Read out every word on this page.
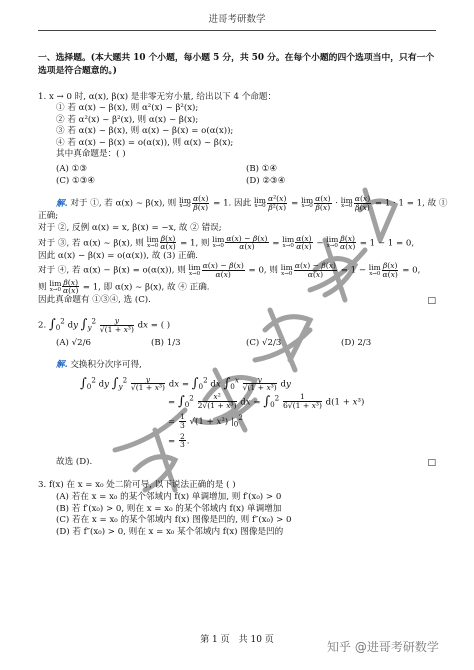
进哥考研数学
一、选择题。(本大题共 10 个小题，每小题 5 分，共 50 分。在每个小题的四个选项当中，只有一个选项是符合题意的。)
1. x → 0 时, α(x), β(x) 是非零无穷小量, 给出以下 4 个命题：
① 若 α(x) ~ β(x), 则 α²(x) ~ β²(x);
② 若 α²(x) ~ β²(x), 则 α(x) ~ β(x);
③ 若 α(x) ~ β(x), 则 α(x) − β(x) = o(α(x));
④ 若 α(x) − β(x) = o(α(x)), 则 α(x) ~ β(x);
其中真命题是：( )
(A) ①③	(B) ①④
(C) ①③④	(D) ②③④
解. 对于 ①, 若 α(x) ~ β(x), 则 lim
$x\to 0 \frac{\alpha(x)}{\beta(x)} = 1$. 因此 lim
$x\to 0 \frac{\text{α²(x)}}{\text{β²(x)}} = \lim$
$x\to 0 \frac{\alpha(x)}{\beta(x)} \cdot \lim$
$x\to 0 \frac{\alpha(x)}{\beta(x)} = 1 \cdot 1 = 1$, 故 ①
正确;
对于 ②, 反例 α(x) = x, β(x) = −x, 故 ② 错误;
对于 ③, 若 α(x) ~ β(x), 则 lim
$x\to 0 \frac{\beta(x)}{\alpha(x)} = 1$, 则 lim
$x\to 0 \frac{\alpha(x) - \beta(x)}{\alpha(x)} = \lim$
$x\to 0 \frac{\alpha(x)}{\alpha(x)} - \lim$
$x\to 0 \frac{\beta(x)}{\alpha(x)} = 1 - 1 = 0$,
因此 α(x) − β(x) = o(α(x)), 故 (3) 正确.
对于 ④, 若 α(x) − β(x) = o(α(x)), 则 lim
$x\to 0 \frac{\alpha(x) - \beta(x)}{\alpha(x)} = 0$, 则 lim
$x\to 0 \frac{\alpha(x) - \beta(x)}{\alpha(x)} = 1 - \lim$
$x\to 0 \frac{\beta(x)}{\alpha(x)} = 0$,
则 lim
$x\to 0 \frac{\beta(x)}{\alpha(x)} = 1$, 即 α(x) ~ β(x), 故 ④ 正确.
因此真命题有 ①③④, 选 (C).	□
2. $\int_0^2$ dy $\int_y^2 \frac{y}{\text{√(1 + x³)}}$ dx = ( )
(A) √2/6	(B) 1/3	(C) √2/3	(D) 2/3
解. 交换积分次序可得,
$\int_0^2$ dy $\int_y^2 \frac{y}{\text{√(1 + x³)}}$ dx = $\int_0^2$ dx $\int_0^x \frac{y}{\text{√(1 + x³)}}$ dy
= $\int_0^2 \frac{\text{x²}}{\text{2√(1 + x³)}}$ dx = $\int_0^2 \frac{1}{\text{6√(1 + x³)}} d(1 + x^3)$
= $\frac{1}{3} √(1 + x^3)$ $|_0^2$
= $\frac{2}{3}$ .
故选 (D).	□
3. f(x) 在 x = x₀ 处二阶可导, 以下说法正确的是 ( )
(A) 若在 x = x₀ 的某个邻域内 f(x) 单调增加, 则 f′(x₀) > 0
(B) 若 f′(x₀) > 0, 则在 x = x₀ 的某个邻域内 f(x) 单调增加
(C) 若在 x = x₀ 的某个邻域内 f(x) 图像是凹的, 则 f″(x₀) > 0
(D) 若 f″(x₀) > 0, 则在 x = x₀ 某个邻域内 f(x) 图像是凹的
第 1 页　共 10 页	知乎 @进哥考研数学
